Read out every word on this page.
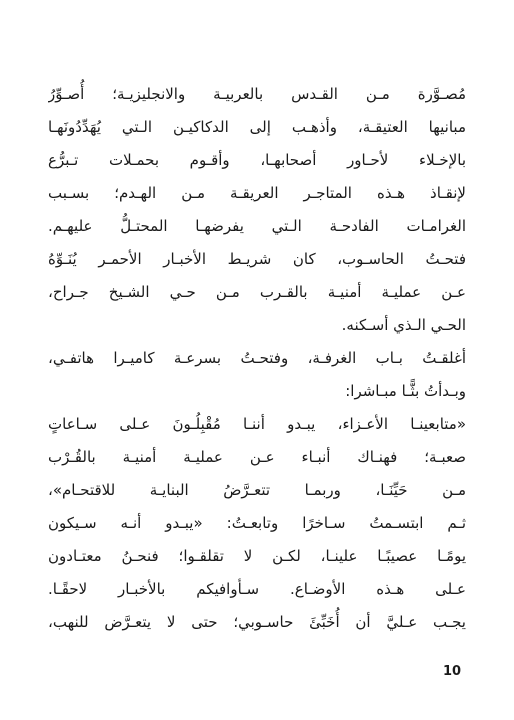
مُصـوَّرة مـن القـدس بالعربيـة والانجليزيـة؛ أُصـوِّرُ
مبانيها العتيقـة، وأذهـب إلى الدكاكيـن الـتي يُهَدِّدُونَهـا
بالإخـلاء لأحـاور أصحابهـا، وأقـوم بحمـلات تـبرُّع
لإنقـاذ هـذه المتاجـر العريقـة مـن الهـدم؛ بسـبب
الغرامـات الفادحـة الـتي يفرضهـا المحتـلُّ عليهـم.
فتحـتُ الحاسـوب، كان شريـط الأخبـار الأحمـر يُنَـوِّهُ
عـن عمليـة أمنيـة بالقـرب مـن حـي الشـيخ جـراح،
الحـي الـذي أسـكنه.
أغلقـتُ بـاب الغرفـة، وفتحـتُ بسرعـة كاميـرا هاتفـي،
وبـدأتُ بثًّـا مبـاشرا:
«متابعينـا الأعـزاء، يبـدو أننـا مُقْبِلُـونَ عـلى سـاعاتٍ
صعبـة؛ فهنـاك أنبـاء عـن عمليـة أمنيـة بالقُـرْب
مـن حَيِّنَـا، وربمـا تتعـرَّضُ البنايـة للاقتحـام»،
ثـم ابتسـمتُ سـاخرًا وتابعـتُ: «يبـدو أنـه سـيكون
يومًـا عصيبًـا علينـا، لكـن لا تقلقـوا؛ فنحـنُ معتـادون
عـلى هـذه الأوضـاع. سـأوافيكم بالأخبـار لاحقًـا.
يجـب عـليَّ أن أُخَبِّئَ حاسـوبي؛ حتى لا يتعـرَّض للنهب،
10
